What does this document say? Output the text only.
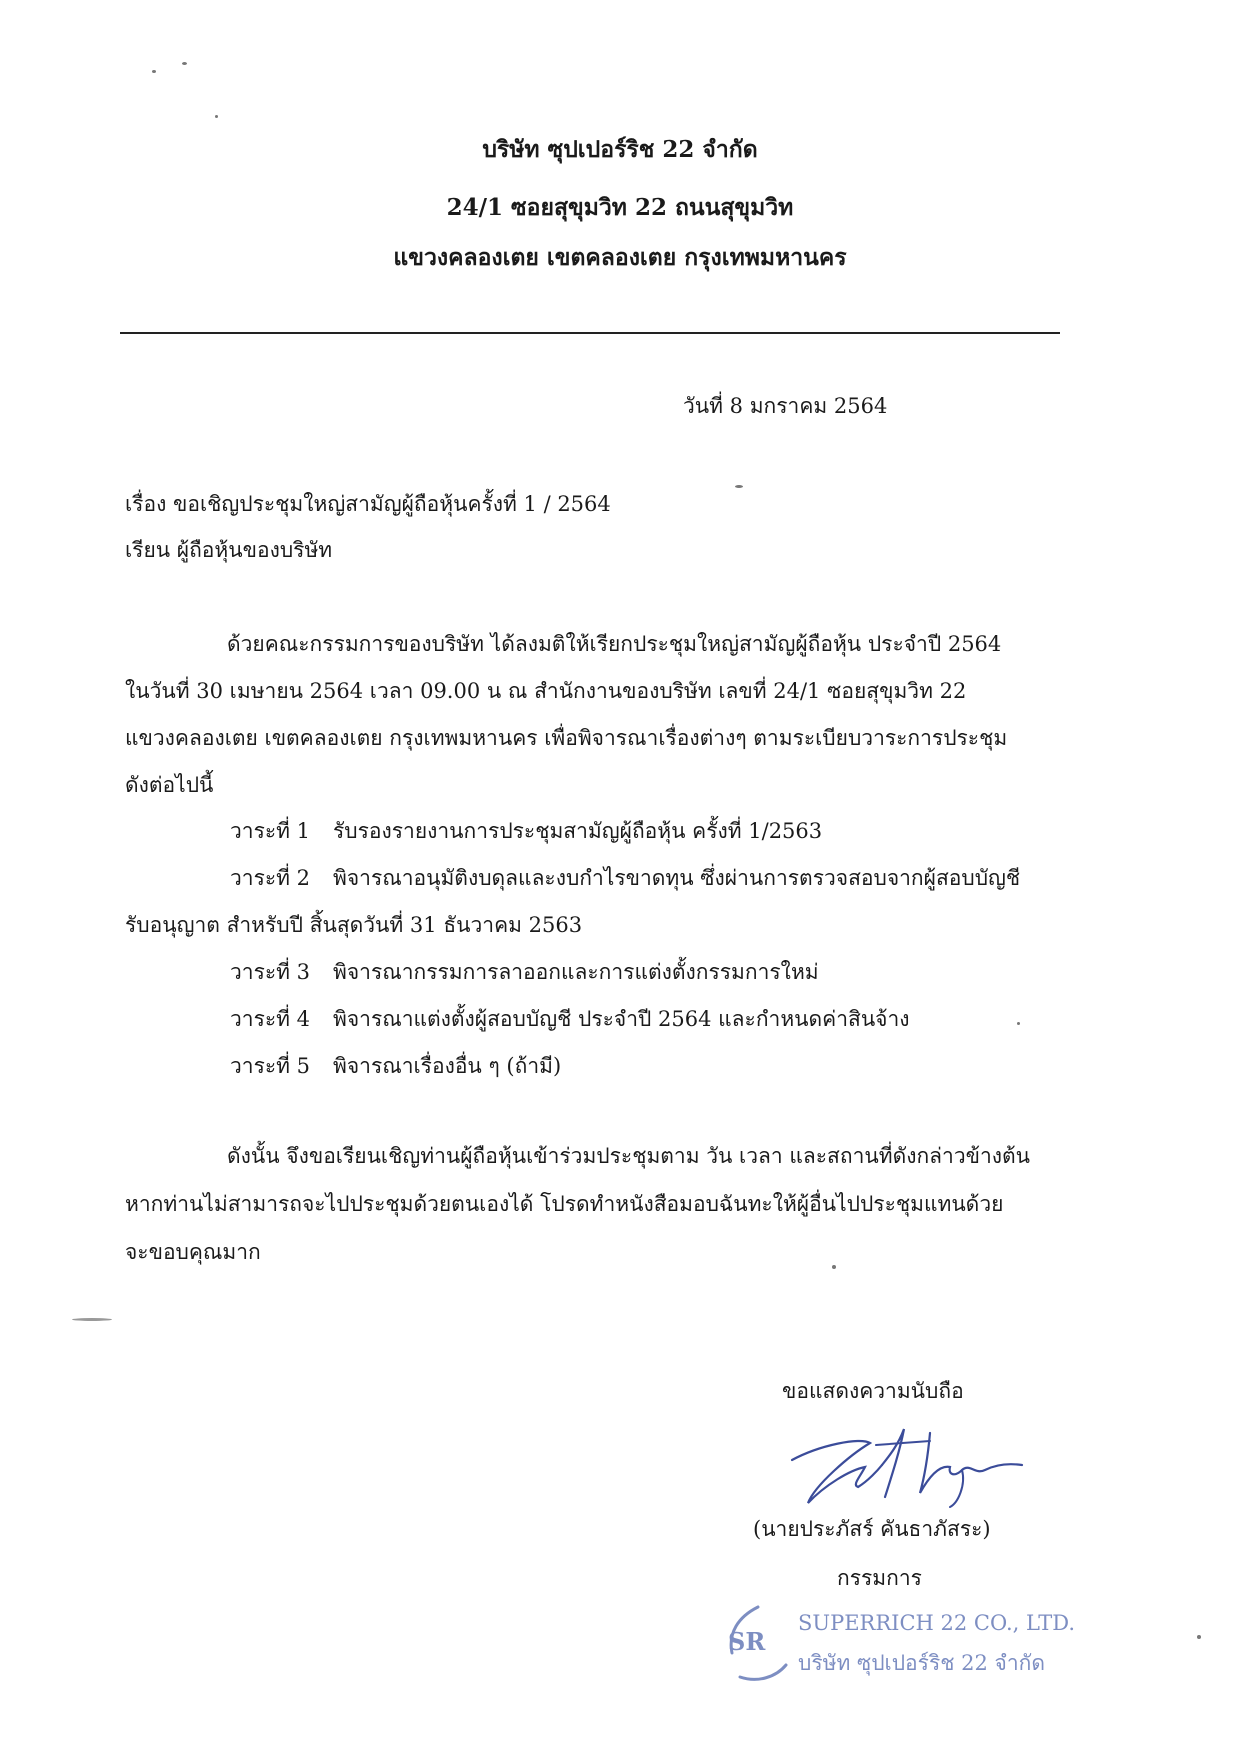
บริษัท ซุปเปอร์ริช 22 จำกัด
24/1 ซอยสุขุมวิท 22 ถนนสุขุมวิท
แขวงคลองเตย เขตคลองเตย กรุงเทพมหานคร
วันที่ 8 มกราคม 2564
เรื่อง ขอเชิญประชุมใหญ่สามัญผู้ถือหุ้นครั้งที่ 1 / 2564
เรียน ผู้ถือหุ้นของบริษัท
ด้วยคณะกรรมการของบริษัท ได้ลงมติให้เรียกประชุมใหญ่สามัญผู้ถือหุ้น ประจำปี 2564
ในวันที่ 30 เมษายน 2564 เวลา 09.00 น ณ สำนักงานของบริษัท เลขที่ 24/1 ซอยสุขุมวิท 22
แขวงคลองเตย เขตคลองเตย กรุงเทพมหานคร เพื่อพิจารณาเรื่องต่างๆ ตามระเบียบวาระการประชุม
ดังต่อไปนี้
วาระที่ 1 รับรองรายงานการประชุมสามัญผู้ถือหุ้น ครั้งที่ 1/2563
วาระที่ 2 พิจารณาอนุมัติงบดุลและงบกำไรขาดทุน ซึ่งผ่านการตรวจสอบจากผู้สอบบัญชี
รับอนุญาต สำหรับปี สิ้นสุดวันที่ 31 ธันวาคม 2563
วาระที่ 3 พิจารณากรรมการลาออกและการแต่งตั้งกรรมการใหม่
วาระที่ 4 พิจารณาแต่งตั้งผู้สอบบัญชี ประจำปี 2564 และกำหนดค่าสินจ้าง
วาระที่ 5 พิจารณาเรื่องอื่น ๆ (ถ้ามี)
ดังนั้น จึงขอเรียนเชิญท่านผู้ถือหุ้นเข้าร่วมประชุมตาม วัน เวลา และสถานที่ดังกล่าวข้างต้น
หากท่านไม่สามารถจะไปประชุมด้วยตนเองได้ โปรดทำหนังสือมอบฉันทะให้ผู้อื่นไปประชุมแทนด้วย
จะขอบคุณมาก
ขอแสดงความนับถือ
(นายประภัสร์ คันธาภัสระ)
กรรมการ
SR
SUPERRICH 22 CO., LTD.
บริษัท ซุปเปอร์ริช 22 จำกัด
